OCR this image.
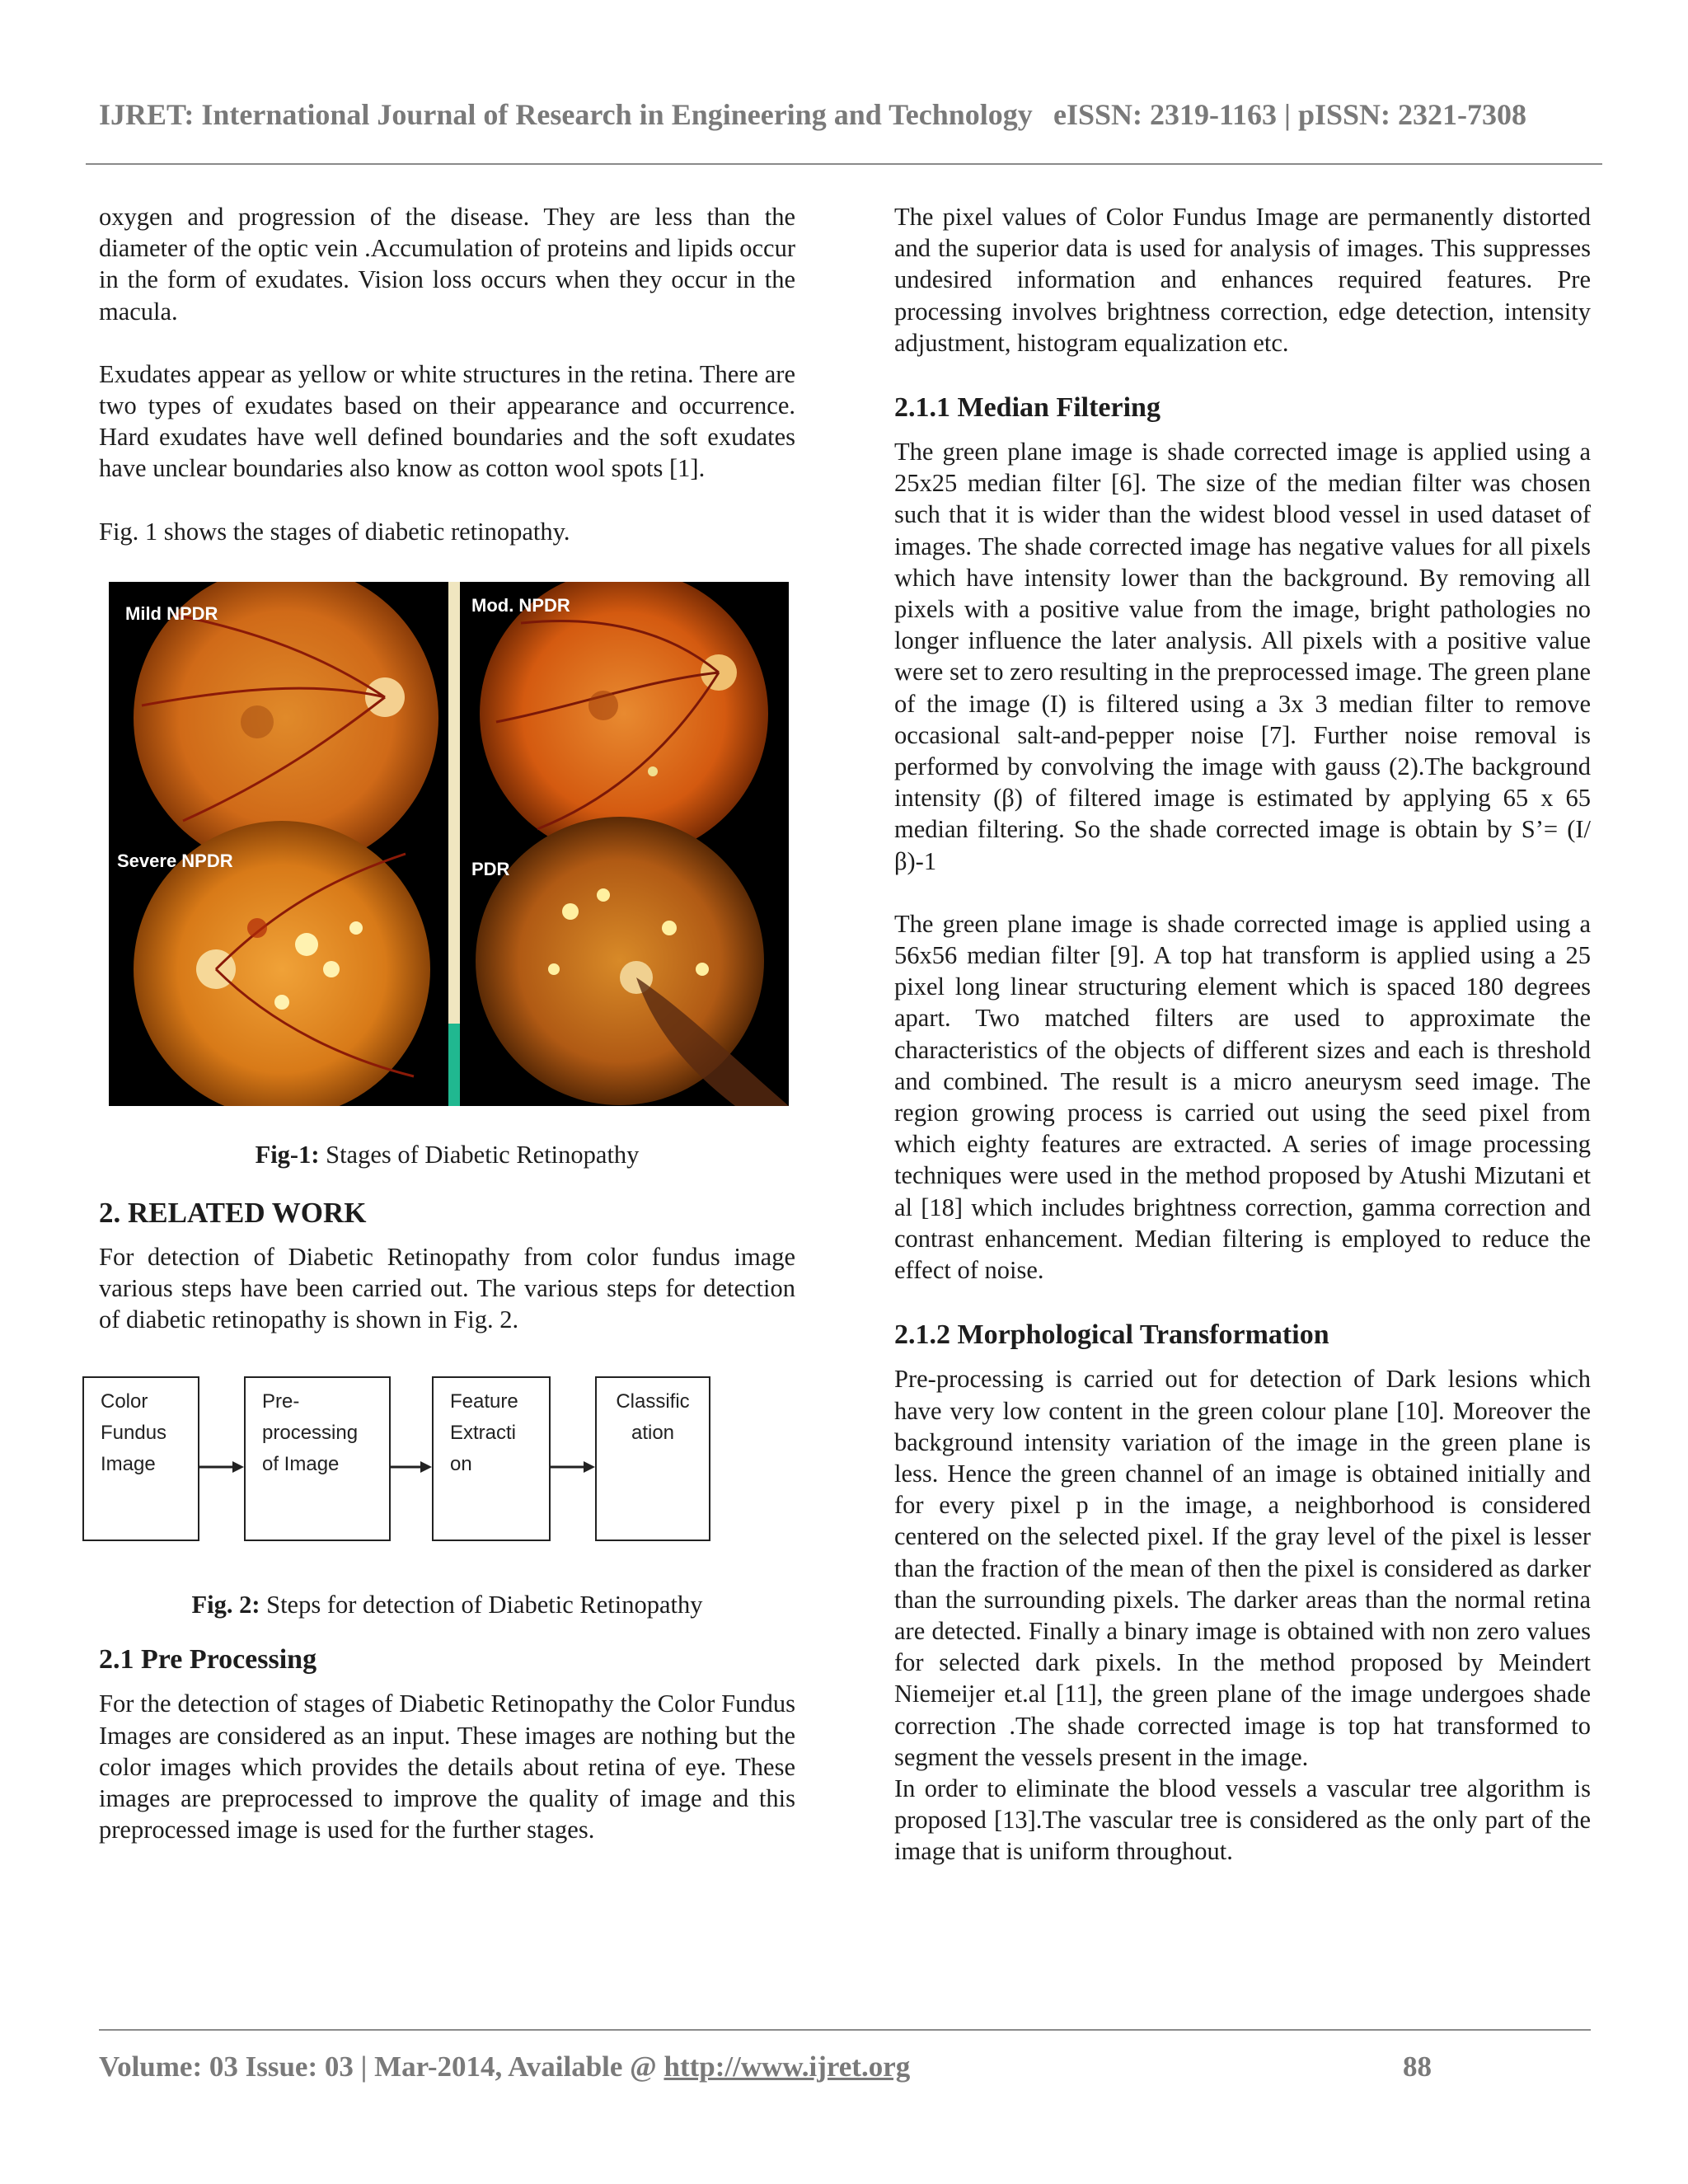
IJRET: International Journal of Research in Engineering and Technology eISSN: 2319-1163 | pISSN: 2321-7308

oxygen and progression of the disease. They are less than the diameter of the optic vein .Accumulation of proteins and lipids occur in the form of exudates. Vision loss occurs when they occur in the macula.

Exudates appear as yellow or white structures in the retina. There are two types of exudates based on their appearance and occurrence. Hard exudates have well defined boundaries and the soft exudates have unclear boundaries also know as cotton wool spots [1].

Fig. 1 shows the stages of diabetic retinopathy.

Mild NPDR	Mod. NPDR
Severe NPDR	PDR
Fig-1: Stages of Diabetic Retinopathy
2. RELATED WORK

For detection of Diabetic Retinopathy from color fundus image various steps have been carried out. The various steps for detection of diabetic retinopathy is shown in Fig. 2.

Color
Fundus
Image
Pre-
processing
of Image
Feature
Extracti
on
Classific
ation
Fig. 2: Steps for detection of Diabetic Retinopathy
2.1 Pre Processing

For the detection of stages of Diabetic Retinopathy the Color Fundus Images are considered as an input. These images are nothing but the color images which provides the details about retina of eye. These images are preprocessed to improve the quality of image and this preprocessed image is used for the further stages.

The pixel values of Color Fundus Image are permanently distorted and the superior data is used for analysis of images. This suppresses undesired information and enhances required features. Pre processing involves brightness correction, edge detection, intensity adjustment, histogram equalization etc.

2.1.1 Median Filtering

The green plane image is shade corrected image is applied using a 25x25 median filter [6]. The size of the median filter was chosen such that it is wider than the widest blood vessel in used dataset of images. The shade corrected image has negative values for all pixels which have intensity lower than the background. By removing all pixels with a positive value from the image, bright pathologies no longer influence the later analysis. All pixels with a positive value were set to zero resulting in the preprocessed image. The green plane of the image (I) is filtered using a 3x 3 median filter to remove occasional salt-and-pepper noise [7]. Further noise removal is performed by convolving the image with gauss (2).The background intensity (β) of filtered image is estimated by applying 65 x 65 median filtering. So the shade corrected image is obtain by S’= (I/β)-1

The green plane image is shade corrected image is applied using a 56x56 median filter [9]. A top hat transform is applied using a 25 pixel long linear structuring element which is spaced 180 degrees apart. Two matched filters are used to approximate the characteristics of the objects of different sizes and each is threshold and combined. The result is a micro aneurysm seed image. The region growing process is carried out using the seed pixel from which eighty features are extracted. A series of image processing techniques were used in the method proposed by Atushi Mizutani et al [18] which includes brightness correction, gamma correction and contrast enhancement. Median filtering is employed to reduce the effect of noise.

2.1.2 Morphological Transformation

Pre-processing is carried out for detection of Dark lesions which have very low content in the green colour plane [10]. Moreover the background intensity variation of the image in the green plane is less. Hence the green channel of an image is obtained initially and for every pixel p in the image, a neighborhood is considered centered on the selected pixel. If the gray level of the pixel is lesser than the fraction of the mean of then the pixel is considered as darker than the surrounding pixels. The darker areas than the normal retina are detected. Finally a binary image is obtained with non zero values for selected dark pixels. In the method proposed by Meindert Niemeijer et.al [11], the green plane of the image undergoes shade correction .The shade corrected image is top hat transformed to segment the vessels present in the image.

In order to eliminate the blood vessels a vascular tree algorithm is proposed [13].The vascular tree is considered as the only part of the image that is uniform throughout.

Volume: 03 Issue: 03 | Mar-2014, Available @ http://www.ijret.org	88
